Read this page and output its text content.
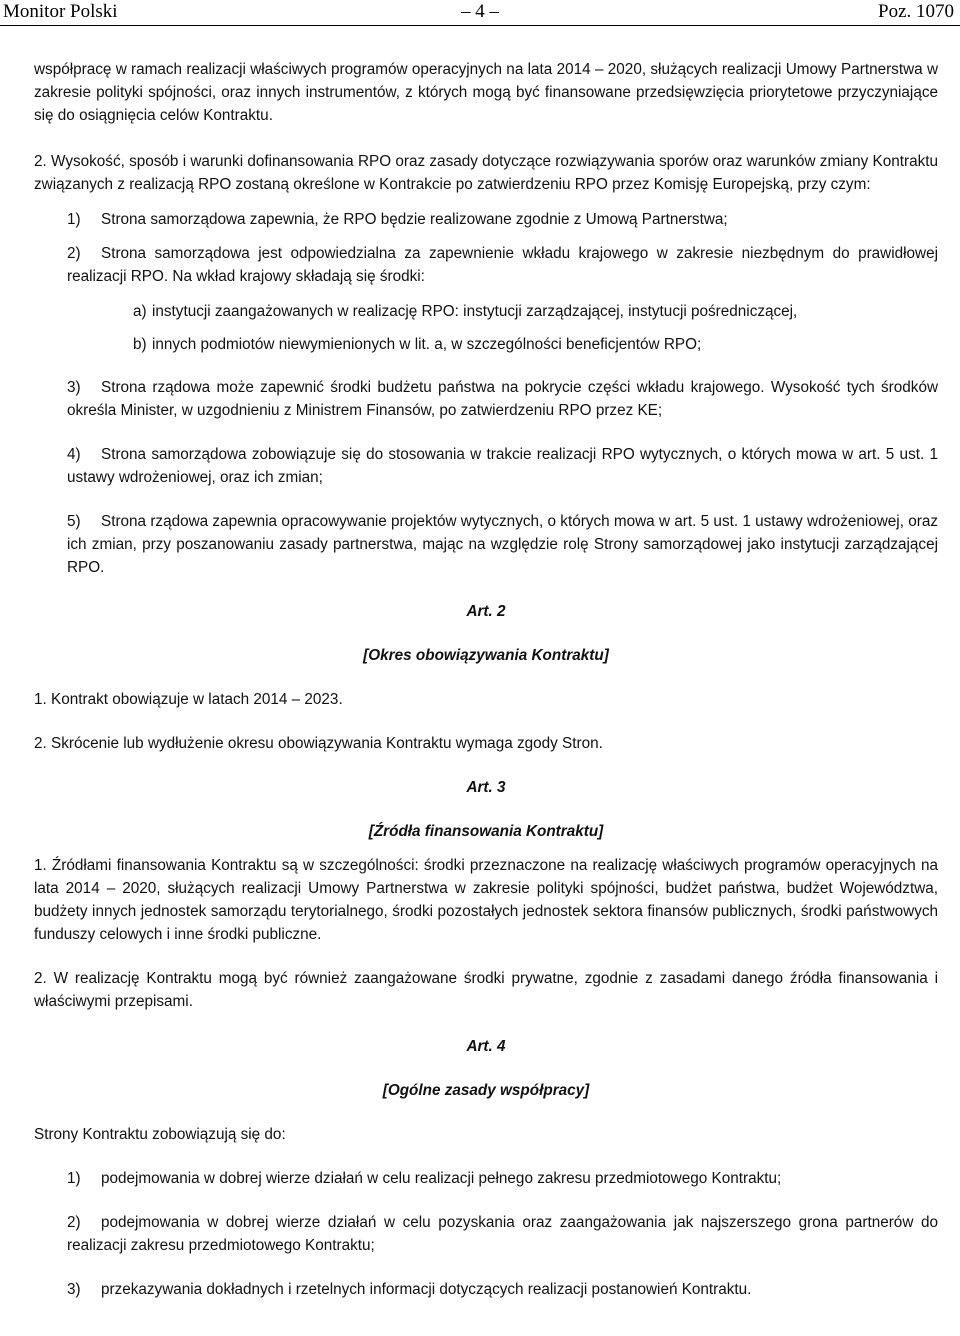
Monitor Polski	– 4 –	Poz. 1070

współpracę w ramach realizacji właściwych programów operacyjnych na lata 2014 – 2020, służących realizacji Umowy Partnerstwa w zakresie polityki spójności, oraz innych instrumentów, z których mogą być finansowane przedsięwzięcia priorytetowe przyczyniające się do osiągnięcia celów Kontraktu.

2. Wysokość, sposób i warunki dofinansowania RPO oraz zasady dotyczące rozwiązywania sporów oraz warunków zmiany Kontraktu związanych z realizacją RPO zostaną określone w Kontrakcie po zatwierdzeniu RPO przez Komisję Europejską, przy czym:

1) Strona samorządowa zapewnia, że RPO będzie realizowane zgodnie z Umową Partnerstwa;
2) Strona samorządowa jest odpowiedzialna za zapewnienie wkładu krajowego w zakresie niezbędnym do prawidłowej realizacji RPO. Na wkład krajowy składają się środki:
a) instytucji zaangażowanych w realizację RPO: instytucji zarządzającej, instytucji pośredniczącej,
b) innych podmiotów niewymienionych w lit. a, w szczególności beneficjentów RPO;
3) Strona rządowa może zapewnić środki budżetu państwa na pokrycie części wkładu krajowego. Wysokość tych środków określa Minister, w uzgodnieniu z Ministrem Finansów, po zatwierdzeniu RPO przez KE;
4) Strona samorządowa zobowiązuje się do stosowania w trakcie realizacji RPO wytycznych, o których mowa w art. 5 ust. 1 ustawy wdrożeniowej, oraz ich zmian;
5) Strona rządowa zapewnia opracowywanie projektów wytycznych, o których mowa w art. 5 ust. 1 ustawy wdrożeniowej, oraz ich zmian, przy poszanowaniu zasady partnerstwa, mając na względzie rolę Strony samorządowej jako instytucji zarządzającej RPO.

Art. 2

[Okres obowiązywania Kontraktu]

1. Kontrakt obowiązuje w latach 2014 – 2023.

2. Skrócenie lub wydłużenie okresu obowiązywania Kontraktu wymaga zgody Stron.

Art. 3

[Źródła finansowania Kontraktu]

1. Źródłami finansowania Kontraktu są w szczególności: środki przeznaczone na realizację właściwych programów operacyjnych na lata 2014 – 2020, służących realizacji Umowy Partnerstwa w zakresie polityki spójności, budżet państwa, budżet Województwa, budżety innych jednostek samorządu terytorialnego, środki pozostałych jednostek sektora finansów publicznych, środki państwowych funduszy celowych i inne środki publiczne.

2. W realizację Kontraktu mogą być również zaangażowane środki prywatne, zgodnie z zasadami danego źródła finansowania i właściwymi przepisami.

Art. 4

[Ogólne zasady współpracy]

Strony Kontraktu zobowiązują się do:

1) podejmowania w dobrej wierze działań w celu realizacji pełnego zakresu przedmiotowego Kontraktu;
2) podejmowania w dobrej wierze działań w celu pozyskania oraz zaangażowania jak najszerszego grona partnerów do realizacji zakresu przedmiotowego Kontraktu;
3) przekazywania dokładnych i rzetelnych informacji dotyczących realizacji postanowień Kontraktu.
